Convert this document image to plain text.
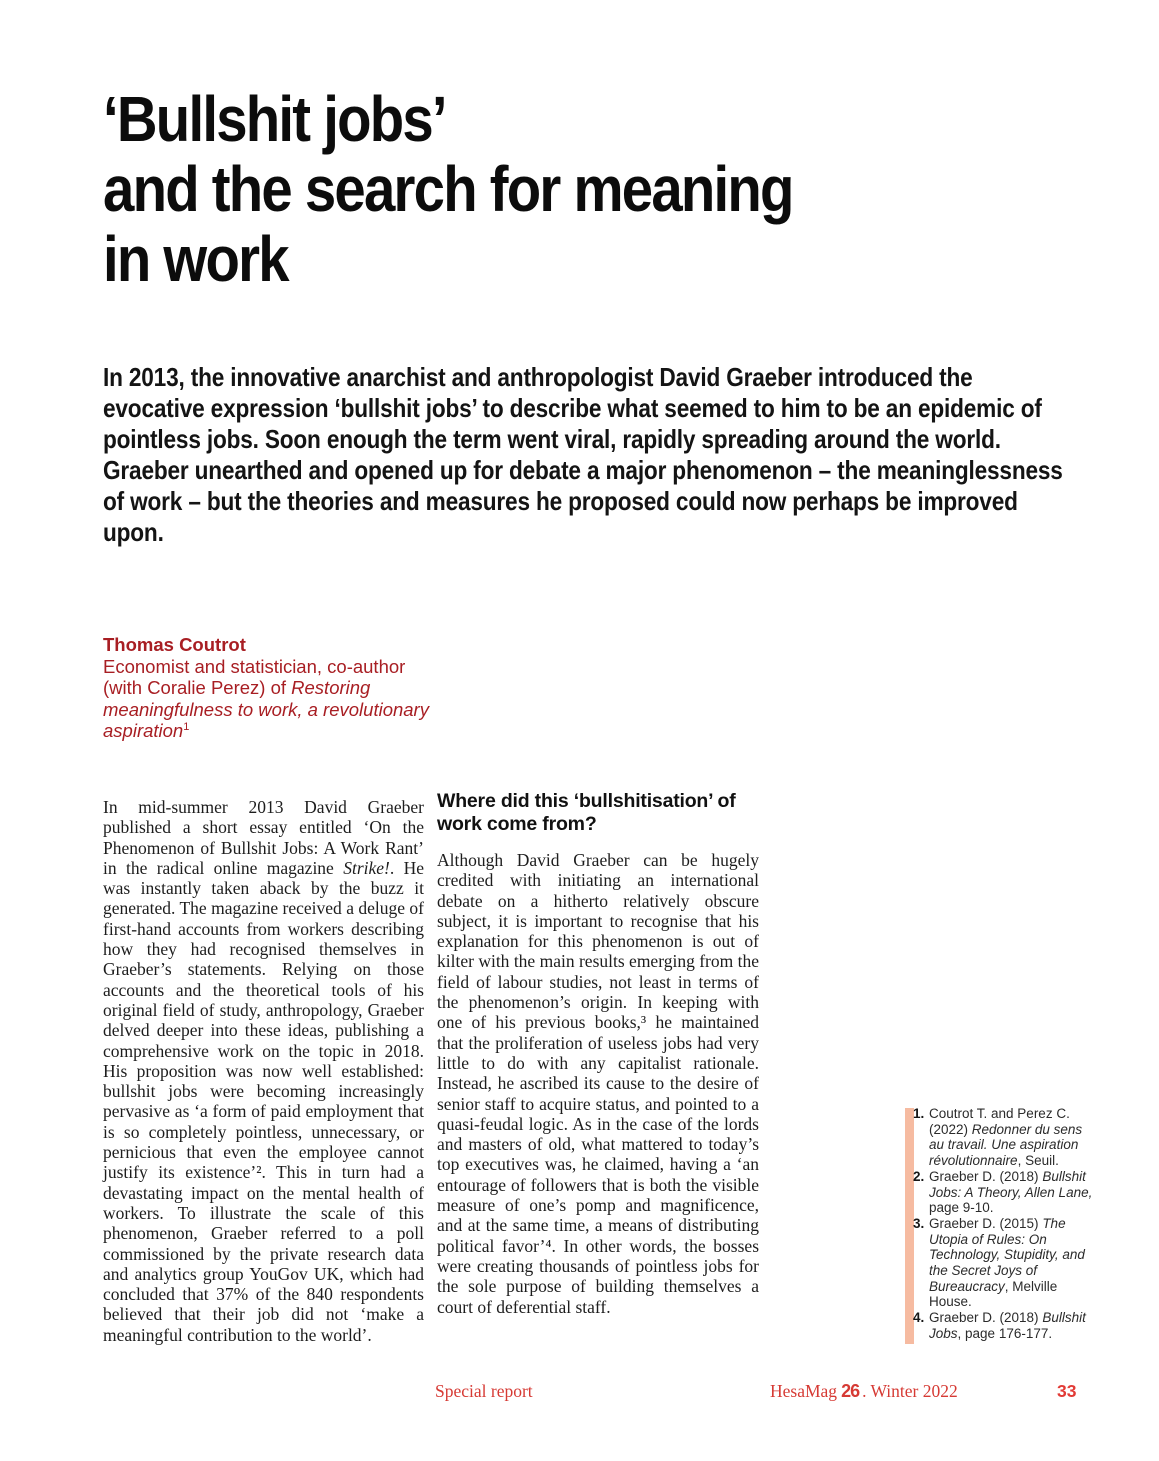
‘Bullshit jobs’
and the search for meaning
in work

In 2013, the innovative anarchist and anthropologist David Graeber introduced the evocative expression ‘bullshit jobs’ to describe what seemed to him to be an epidemic of pointless jobs. Soon enough the term went viral, rapidly spreading around the world. Graeber unearthed and opened up for debate a major phenomenon – the meaninglessness of work – but the theories and measures he proposed could now perhaps be improved upon.

Thomas Coutrot
Economist and statistician, co-author (with Coralie Perez) of Restoring meaningfulness to work, a revolutionary aspiration$^1$

In mid-summer 2013 David Graeber published a short essay entitled ‘On the Phenomenon of Bullshit Jobs: A Work Rant’ in the radical online magazine Strike!. He was instantly taken aback by the buzz it generated. The magazine received a deluge of first-hand accounts from workers describing how they had recognised themselves in Graeber’s statements. Relying on those accounts and the theoretical tools of his original field of study, anthropology, Graeber delved deeper into these ideas, publishing a comprehensive work on the topic in 2018. His proposition was now well established: bullshit jobs were becoming increasingly pervasive as ‘a form of paid employment that is so completely pointless, unnecessary, or pernicious that even the employee cannot justify its existence’². This in turn had a devastating impact on the mental health of workers. To illustrate the scale of this phenomenon, Graeber referred to a poll commissioned by the private research data and analytics group YouGov UK, which had concluded that 37% of the 840 respondents believed that their job did not ‘make a meaningful contribution to the world’.

Where did this ‘bullshitisation’ of work come from?

Although David Graeber can be hugely credited with initiating an international debate on a hitherto relatively obscure subject, it is important to recognise that his explanation for this phenomenon is out of kilter with the main results emerging from the field of labour studies, not least in terms of the phenomenon’s origin. In keeping with one of his previous books,³ he maintained that the proliferation of useless jobs had very little to do with any capitalist rationale. Instead, he ascribed its cause to the desire of senior staff to acquire status, and pointed to a quasi-feudal logic. As in the case of the lords and masters of old, what mattered to today’s top executives was, he claimed, having a ‘an entourage of followers that is both the visible measure of one’s pomp and magnificence, and at the same time, a means of distributing political favor’⁴. In other words, the bosses were creating thousands of pointless jobs for the sole purpose of building themselves a court of deferential staff.

1. Coutrot T. and Perez C. (2022) Redonner du sens au travail. Une aspiration révolutionnaire, Seuil.
2. Graeber D. (2018) Bullshit Jobs: A Theory, Allen Lane, page 9-10.
3. Graeber D. (2015) The Utopia of Rules: On Technology, Stupidity, and the Secret Joys of Bureaucracy, Melville House.
4. Graeber D. (2018) Bullshit Jobs, page 176-177.
Special report	HesaMag 26 . Winter 2022	33
